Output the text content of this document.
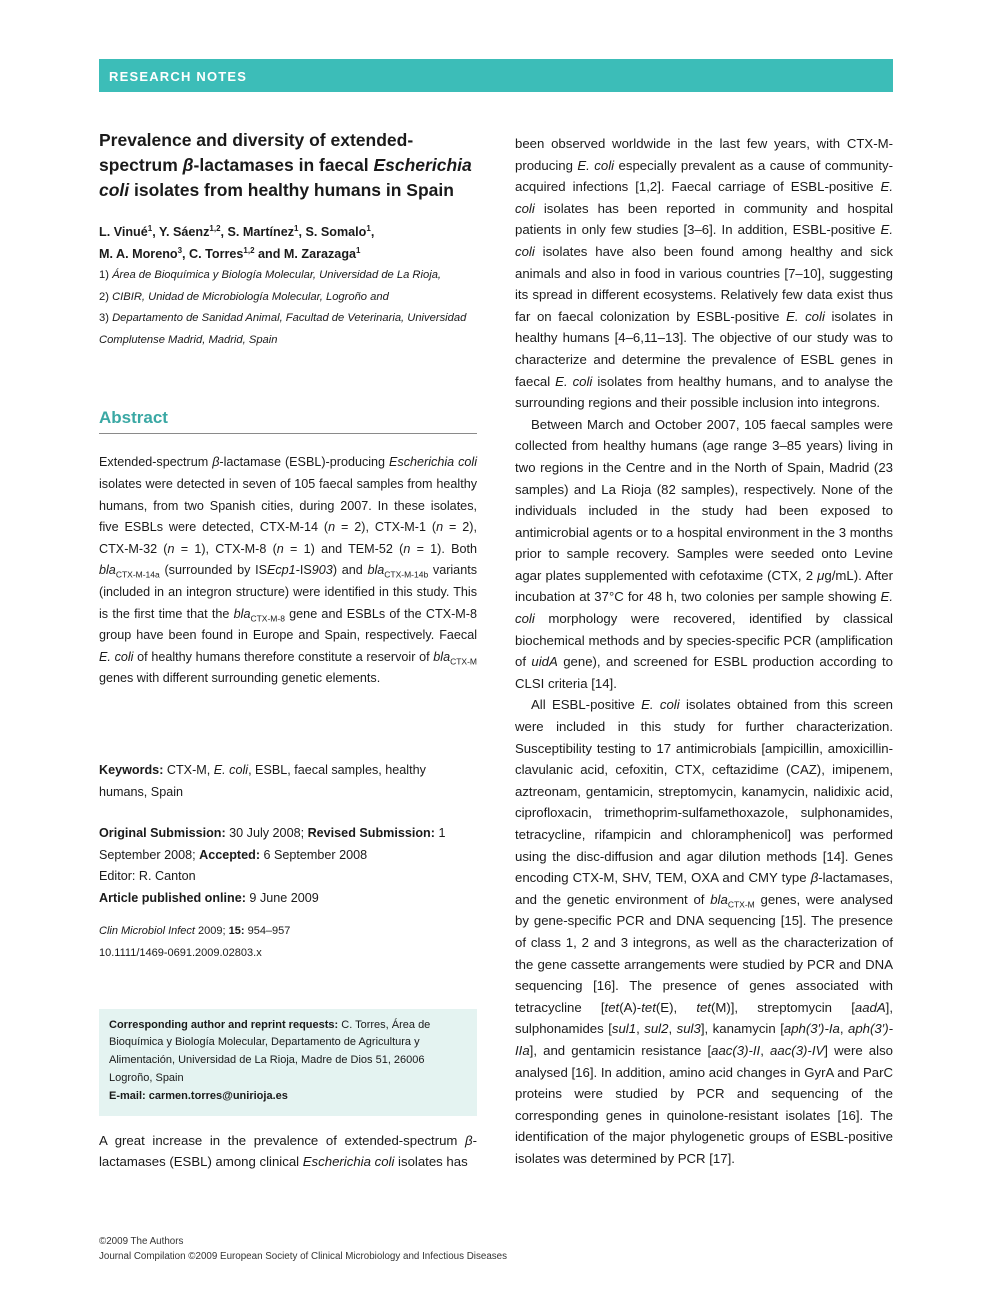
RESEARCH NOTES
Prevalence and diversity of extended-spectrum β-lactamases in faecal Escherichia coli isolates from healthy humans in Spain

L. Vinué$^1$, Y. Sáenz$^{1,2}$, S. Martínez$^1$, S. Somalo$^1$,
M. A. Moreno$^3$, C. Torres$^{1,2}$ and M. Zarazaga$^1$

1) Área de Bioquímica y Biología Molecular, Universidad de La Rioja,

2) CIBIR, Unidad de Microbiología Molecular, Logroño and

3) Departamento de Sanidad Animal, Facultad de Veterinaria, Universidad Complutense Madrid, Madrid, Spain

Abstract

Extended-spectrum β-lactamase (ESBL)-producing Escherichia coli isolates were detected in seven of 105 faecal samples from healthy humans, from two Spanish cities, during 2007. In these isolates, five ESBLs were detected, CTX-M-14 (n = 2), CTX-M-1 (n = 2), CTX-M-32 (n = 1), CTX-M-8 (n = 1) and TEM-52 (n = 1). Both bla$_{CTX-M-14a}$ (surrounded by ISEcp1-IS903) and bla$_{CTX-M-14b}$ variants (included in an integron structure) were identified in this study. This is the first time that the bla$_{CTX-M-8}$ gene and ESBLs of the CTX-M-8 group have been found in Europe and Spain, respectively. Faecal E. coli of healthy humans therefore constitute a reservoir of bla$_{CTX-M}$ genes with different surrounding genetic elements.

Keywords: CTX-M, E. coli, ESBL, faecal samples, healthy humans, Spain

Original Submission: 30 July 2008; Revised Submission: 1 September 2008; Accepted: 6 September 2008
Editor: R. Canton
Article published online: 9 June 2009

Clin Microbiol Infect 2009; 15: 954–957
10.1111/1469-0691.2009.02803.x

Corresponding author and reprint requests: C. Torres, Área de Bioquímica y Biología Molecular, Departamento de Agricultura y Alimentación, Universidad de La Rioja, Madre de Dios 51, 26006 Logroño, Spain
E-mail: carmen.torres@unirioja.es

A great increase in the prevalence of extended-spectrum β-lactamases (ESBL) among clinical Escherichia coli isolates has

been observed worldwide in the last few years, with CTX-M-producing E. coli especially prevalent as a cause of community-acquired infections [1,2]. Faecal carriage of ESBL-positive E. coli isolates has been reported in community and hospital patients in only few studies [3–6]. In addition, ESBL-positive E. coli isolates have also been found among healthy and sick animals and also in food in various countries [7–10], suggesting its spread in different ecosystems. Relatively few data exist thus far on faecal colonization by ESBL-positive E. coli isolates in healthy humans [4–6,11–13]. The objective of our study was to characterize and determine the prevalence of ESBL genes in faecal E. coli isolates from healthy humans, and to analyse the surrounding regions and their possible inclusion into integrons.

Between March and October 2007, 105 faecal samples were collected from healthy humans (age range 3–85 years) living in two regions in the Centre and in the North of Spain, Madrid (23 samples) and La Rioja (82 samples), respectively. None of the individuals included in the study had been exposed to antimicrobial agents or to a hospital environment in the 3 months prior to sample recovery. Samples were seeded onto Levine agar plates supplemented with cefotaxime (CTX, 2 μg/mL). After incubation at 37°C for 48 h, two colonies per sample showing E. coli morphology were recovered, identified by classical biochemical methods and by species-specific PCR (amplification of uidA gene), and screened for ESBL production according to CLSI criteria [14].

All ESBL-positive E. coli isolates obtained from this screen were included in this study for further characterization. Susceptibility testing to 17 antimicrobials [ampicillin, amoxicillin-clavulanic acid, cefoxitin, CTX, ceftazidime (CAZ), imipenem, aztreonam, gentamicin, streptomycin, kanamycin, nalidixic acid, ciprofloxacin, trimethoprim-sulfamethoxazole, sulphonamides, tetracycline, rifampicin and chloramphenicol] was performed using the disc-diffusion and agar dilution methods [14]. Genes encoding CTX-M, SHV, TEM, OXA and CMY type β-lactamases, and the genetic environment of bla$_{CTX-M}$ genes, were analysed by gene-specific PCR and DNA sequencing [15]. The presence of class 1, 2 and 3 integrons, as well as the characterization of the gene cassette arrangements were studied by PCR and DNA sequencing [16]. The presence of genes associated with tetracycline [tet(A)-tet(E), tet(M)], streptomycin [aadA], sulphonamides [sul1, sul2, sul3], kanamycin [aph(3′)-Ia, aph(3′)-IIa], and gentamicin resistance [aac(3)-II, aac(3)-IV] were also analysed [16]. In addition, amino acid changes in GyrA and ParC proteins were studied by PCR and sequencing of the corresponding genes in quinolone-resistant isolates [16]. The identification of the major phylogenetic groups of ESBL-positive isolates was determined by PCR [17].

©2009 The Authors
Journal Compilation ©2009 European Society of Clinical Microbiology and Infectious Diseases
